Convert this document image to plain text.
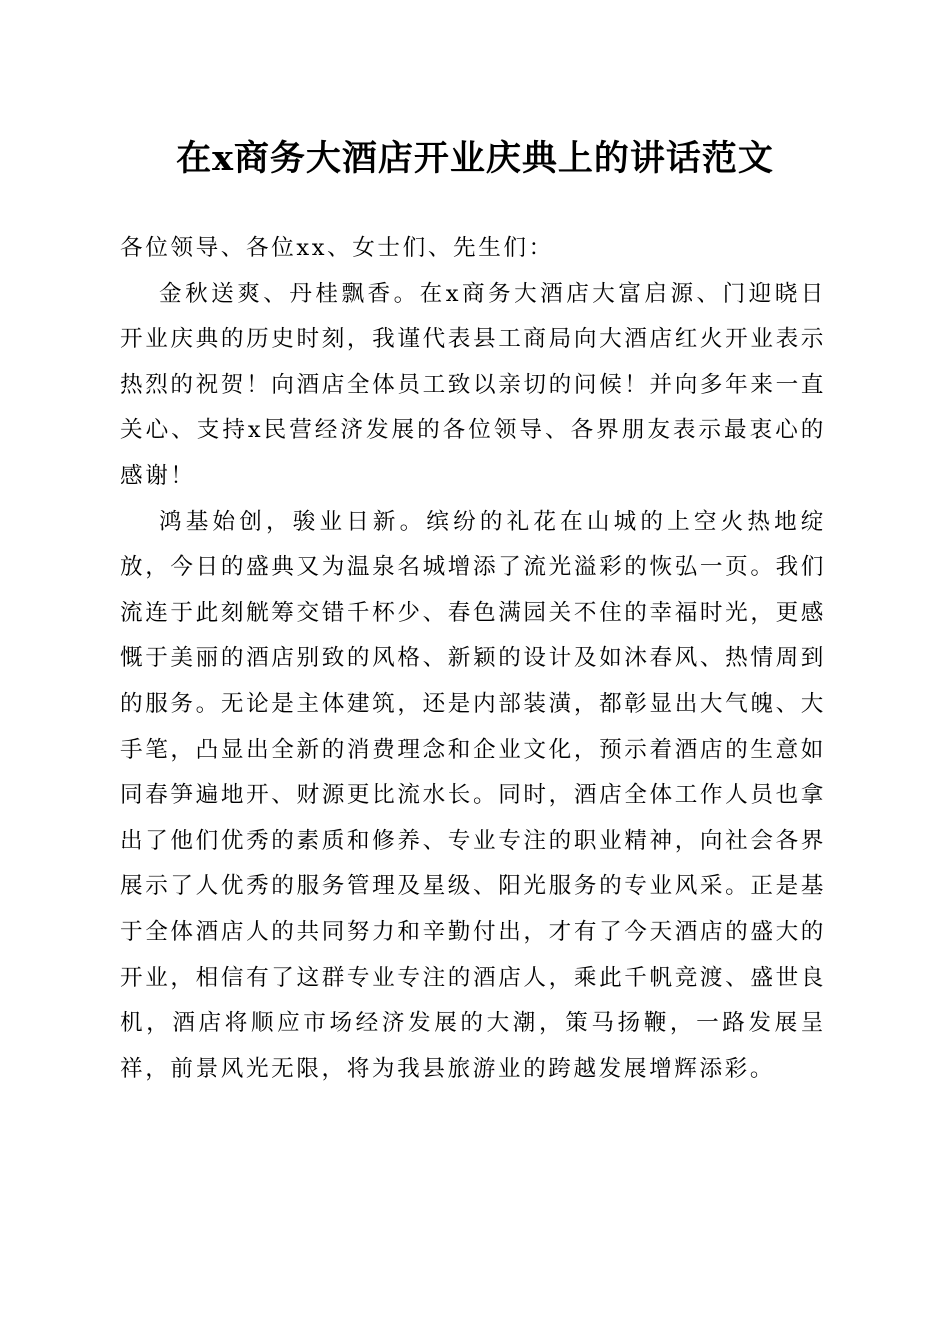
在x商务大酒店开业庆典上的讲话范文

各位领导、各位xx、女士们、先生们：

金秋送爽、丹桂飘香。在x商务大酒店大富启源、门迎晓日开业庆典的历史时刻，我谨代表县工商局向大酒店红火开业表示热烈的祝贺！向酒店全体员工致以亲切的问候！并向多年来一直关心、支持x民营经济发展的各位领导、各界朋友表示最衷心的感谢！

鸿基始创，骏业日新。缤纷的礼花在山城的上空火热地绽放，今日的盛典又为温泉名城增添了流光溢彩的恢弘一页。我们流连于此刻觥筹交错千杯少、春色满园关不住的幸福时光，更感慨于美丽的酒店别致的风格、新颖的设计及如沐春风、热情周到的服务。无论是主体建筑，还是内部装潢，都彰显出大气魄、大手笔，凸显出全新的消费理念和企业文化，预示着酒店的生意如同春笋遍地开、财源更比流水长。同时，酒店全体工作人员也拿出了他们优秀的素质和修养、专业专注的职业精神，向社会各界展示了人优秀的服务管理及星级、阳光服务的专业风采。正是基于全体酒店人的共同努力和辛勤付出，才有了今天酒店的盛大的开业，相信有了这群专业专注的酒店人，乘此千帆竞渡、盛世良机，酒店将顺应市场经济发展的大潮，策马扬鞭，一路发展呈祥，前景风光无限，将为我县旅游业的跨越发展增辉添彩。
